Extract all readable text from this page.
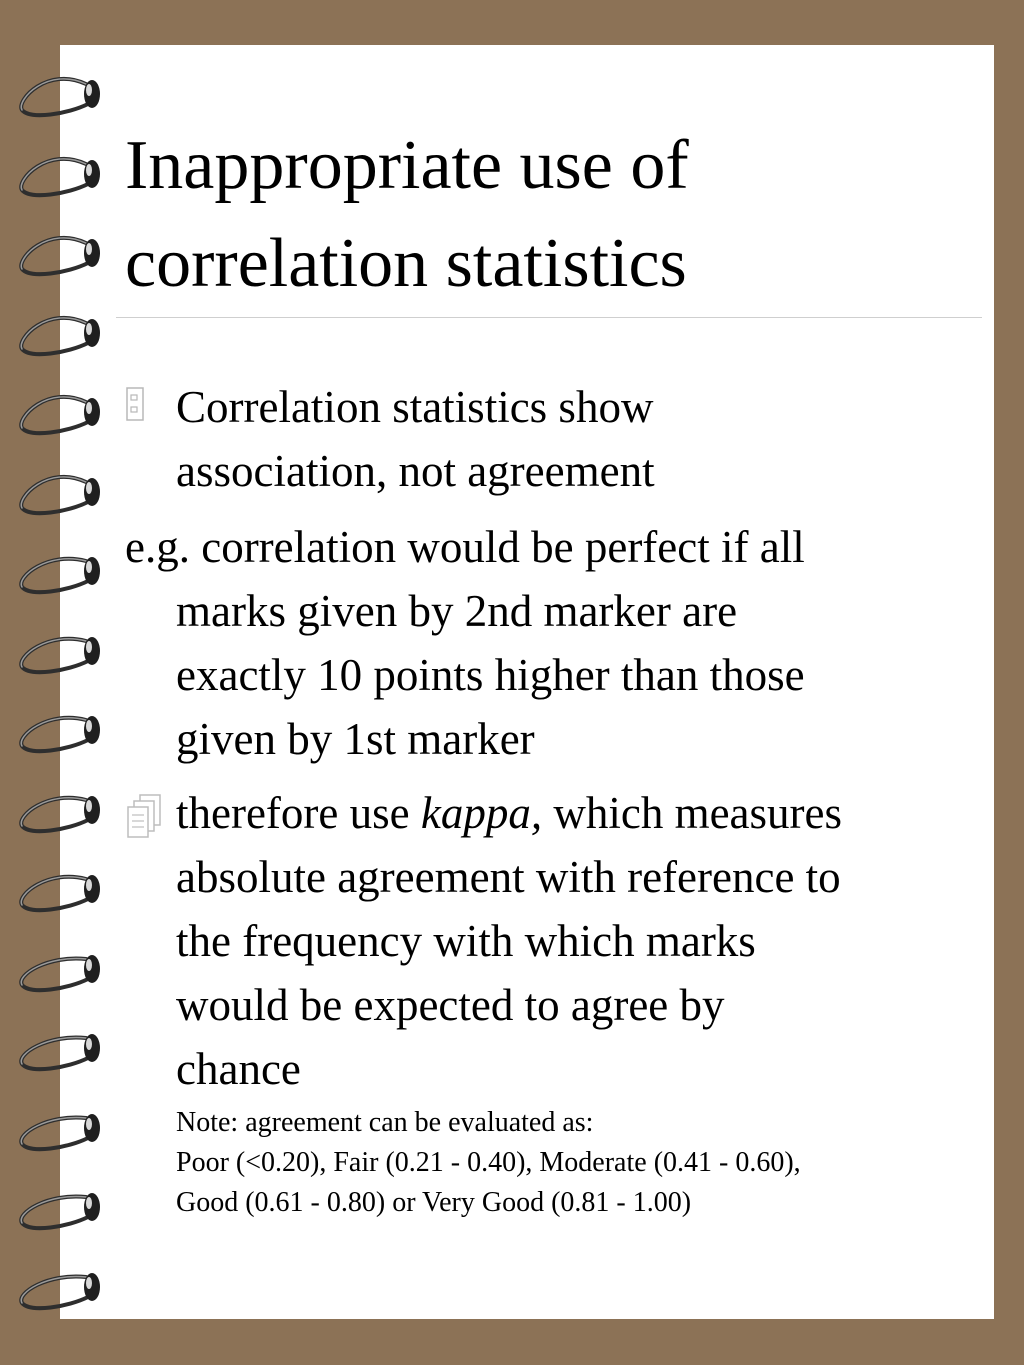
Inappropriate use of
correlation statistics
Correlation statistics show
association, not agreement
e.g. correlation would be perfect if all
marks given by 2nd marker are
exactly 10 points higher than those
given by 1st marker
therefore use kappa, which measures
absolute agreement with reference to
the frequency with which marks
would be expected to agree by
chance
Note: agreement can be evaluated as:
Poor (<0.20), Fair (0.21 - 0.40), Moderate (0.41 - 0.60),
Good (0.61 - 0.80) or Very Good (0.81 - 1.00)
